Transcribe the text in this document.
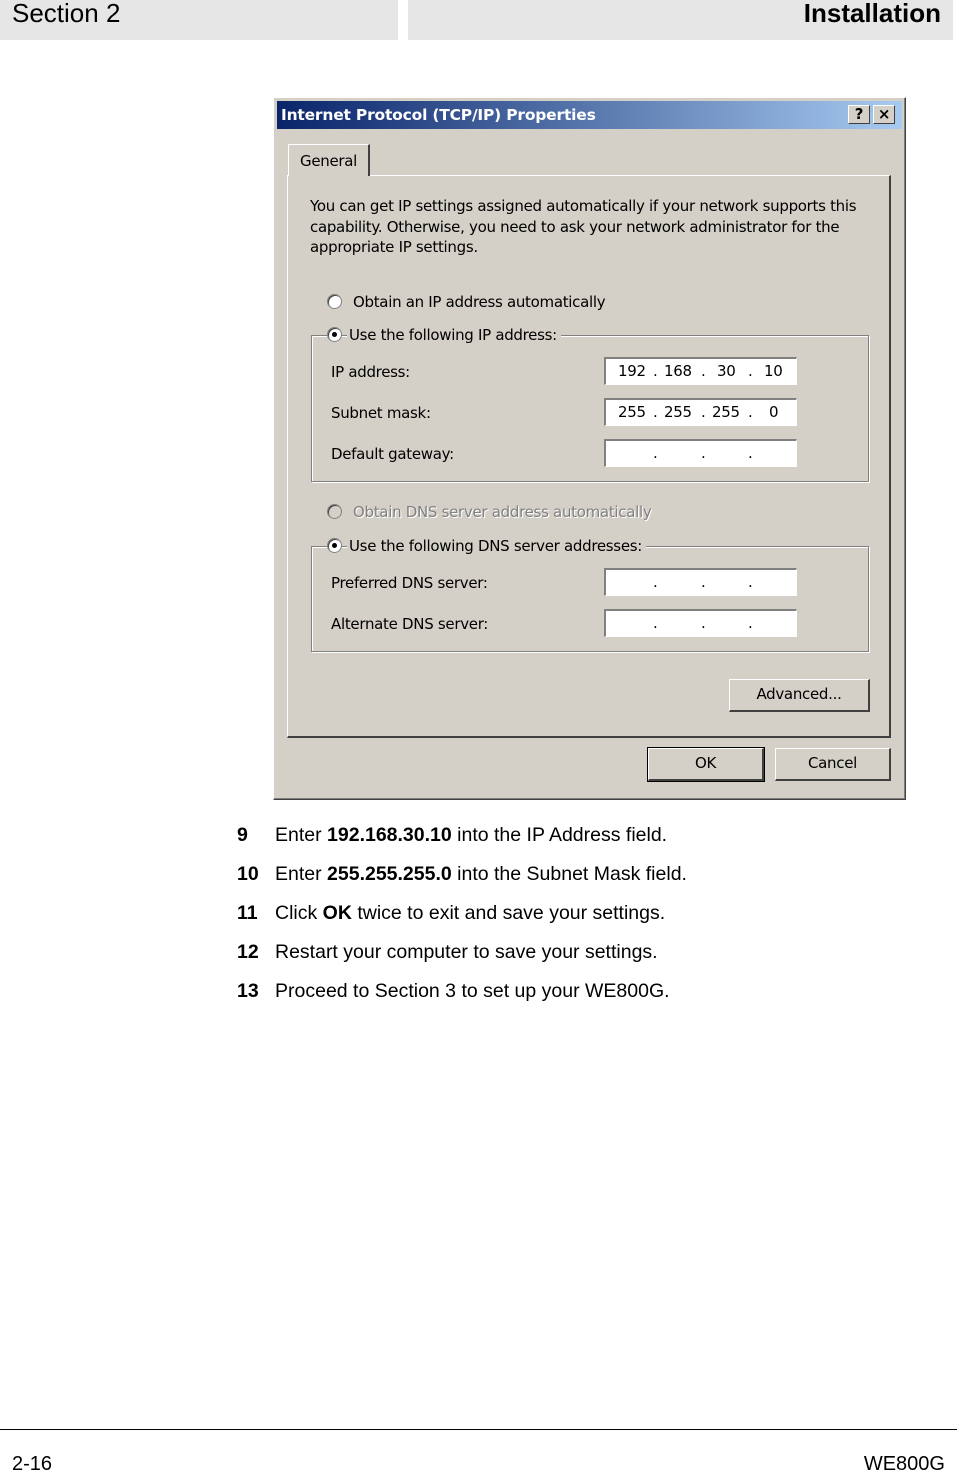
Section 2	Installation
Internet Protocol (TCP/IP) Properties	? ×
General
You can get IP settings assigned automatically if your network supports this capability. Otherwise, you need to ask your network administrator for the appropriate IP settings.
Obtain an IP address automatically
Use the following IP address:
IP address:	192 . 168 . 30 . 10
Subnet mask:	255 . 255 . 255 . 0
Default gateway:	.	.	.
Obtain DNS server address automatically
Use the following DNS server addresses:
Preferred DNS server:	.	.	.
Alternate DNS server:	.	.	.
Advanced...
OK	Cancel
9 Enter 192.168.30.10 into the IP Address field.
10 Enter 255.255.255.0 into the Subnet Mask field.
11 Click OK twice to exit and save your settings.
12 Restart your computer to save your settings.
13 Proceed to Section 3 to set up your WE800G.
2-16	WE800G
